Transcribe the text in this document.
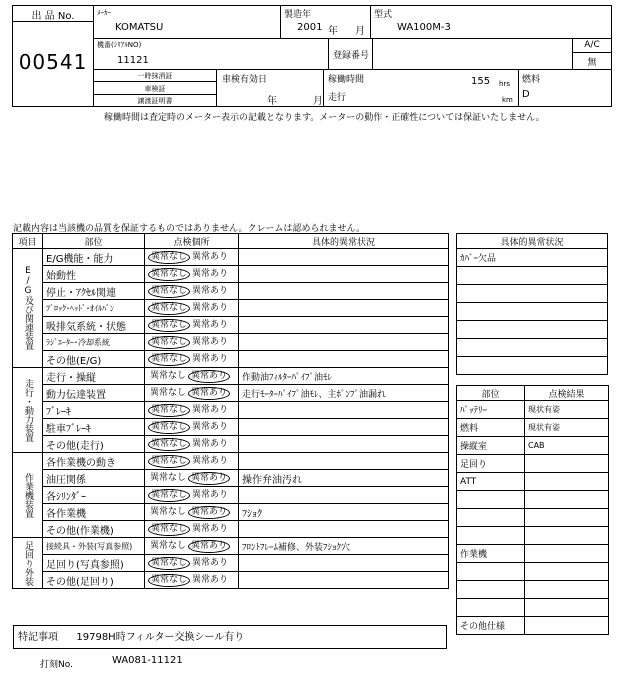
出 品 No.
00541
ﾒｰｶｰ
KOMATSU
製造年
2001 年 月
型式
WA100M-3
機番(ｼﾘｱﾙNO)
11121	登録番号
A/C
無
一時抹消証
車検証
譲渡証明書
車検有効日
年	月
稼働時間	155 hrs
走行	km
燃料
D
稼働時間は査定時のメーター表示の記載となります。メーターの動作・正確性については保証いたしません。
記載内容は当該機の品質を保証するものではありません。クレームは認められません。
項目	部位	点検個所	具体的異常状況

E/G及び関連装置	E/G機能・能力	異常なし 異常あり	
	始動性	異常なし 異常あり	
	停止・ｱｸｾﾙ関連	異常なし 異常あり	
	ﾌﾞﾛｯｸ･ﾍｯﾄﾞ･ｵｲﾙﾊﾟﾝ	異常なし 異常あり	
	吸排気系統・状態	異常なし 異常あり	
	ﾗｼﾞｴｰﾀｰ･冷却系統	異常なし 異常あり	
	その他(E/G)	異常なし 異常あり	

走行・動力装置	走行・操縦	異常なし 異常あり	作動油ﾌｨﾙﾀｰﾊﾟｲﾌﾟ油ﾓﾚ
	動力伝達装置	異常なし 異常あり	走行ﾓｰﾀｰﾊﾟｲﾌﾟ油ﾓﾚ、主ﾎﾟﾝﾌﾟ油漏れ
	ﾌﾞﾚｰｷ	異常なし 異常あり	
	駐車ﾌﾞﾚｰｷ	異常なし 異常あり	
	その他(走行)	異常なし 異常あり	

作業機装置	各作業機の動き	異常なし 異常あり	
	油圧関係	異常なし 異常あり	操作弁油汚れ
	各ｼﾘﾝﾀﾞｰ	異常なし 異常あり	
	各作業機	異常なし 異常あり	ﾌｼｮｸ
	その他(作業機)	異常なし 異常あり	

足回り外装	接続具・外装(写真参照)	異常なし 異常あり	ﾌﾛﾝﾄﾌﾚｰﾑ補修、外装ﾌｼｮｸ穴
	足回り(写真参照)	異常なし 異常あり	
	その他(足回り)	異常なし 異常あり	
具体的異常状況
ｶﾊﾞｰ欠品

部位	点検結果
ﾊﾞｯﾃﾘｰ	現状有姿
燃料	現状有姿
操縦室	CAB
足回り	
ATT	

作業機	

その他仕様	
特記事項 19798H時フィルター交換シール有り
打刻No.	WA081-11121
